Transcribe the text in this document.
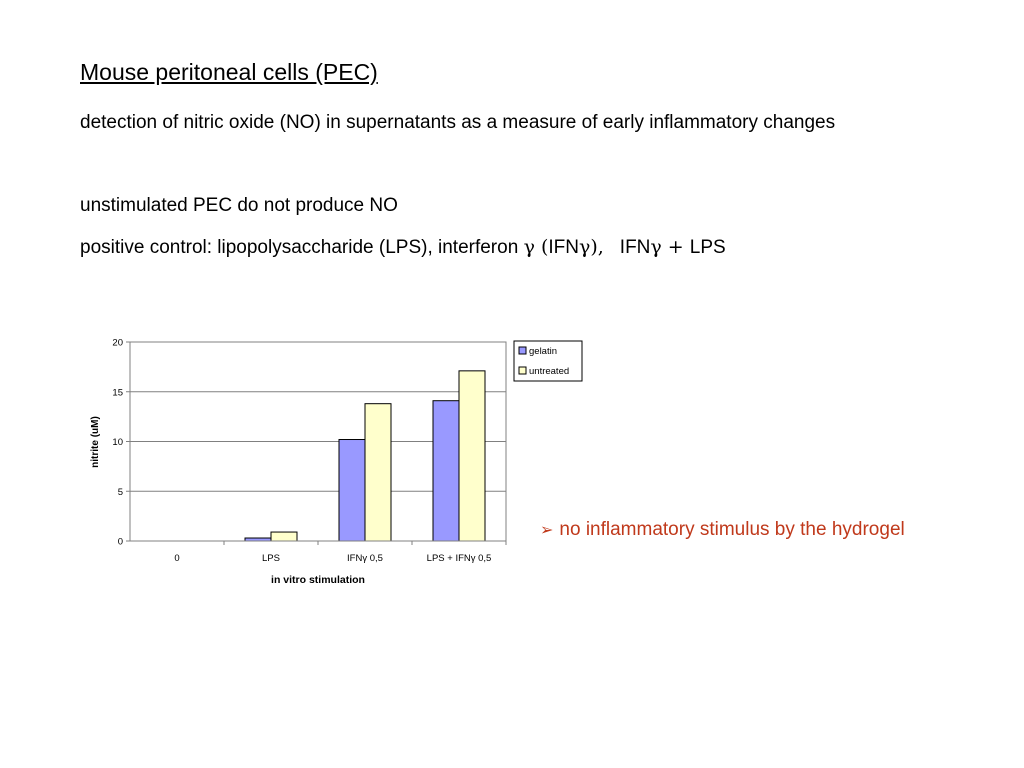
Mouse peritoneal cells (PEC)
detection of nitric oxide (NO) in supernatants as a measure of early inflammatory changes
unstimulated PEC do not produce NO
positive control: lipopolysaccharide (LPS), interferon γ (IFNγ), IFNγ + LPS
0
5
10
15
20
0	LPS	IFNγ 0,5	LPS + IFNγ 0,5
nitrite (uM)
in vitro stimulation
gelatin
untreated
➢ no inflammatory stimulus by the hydrogel
